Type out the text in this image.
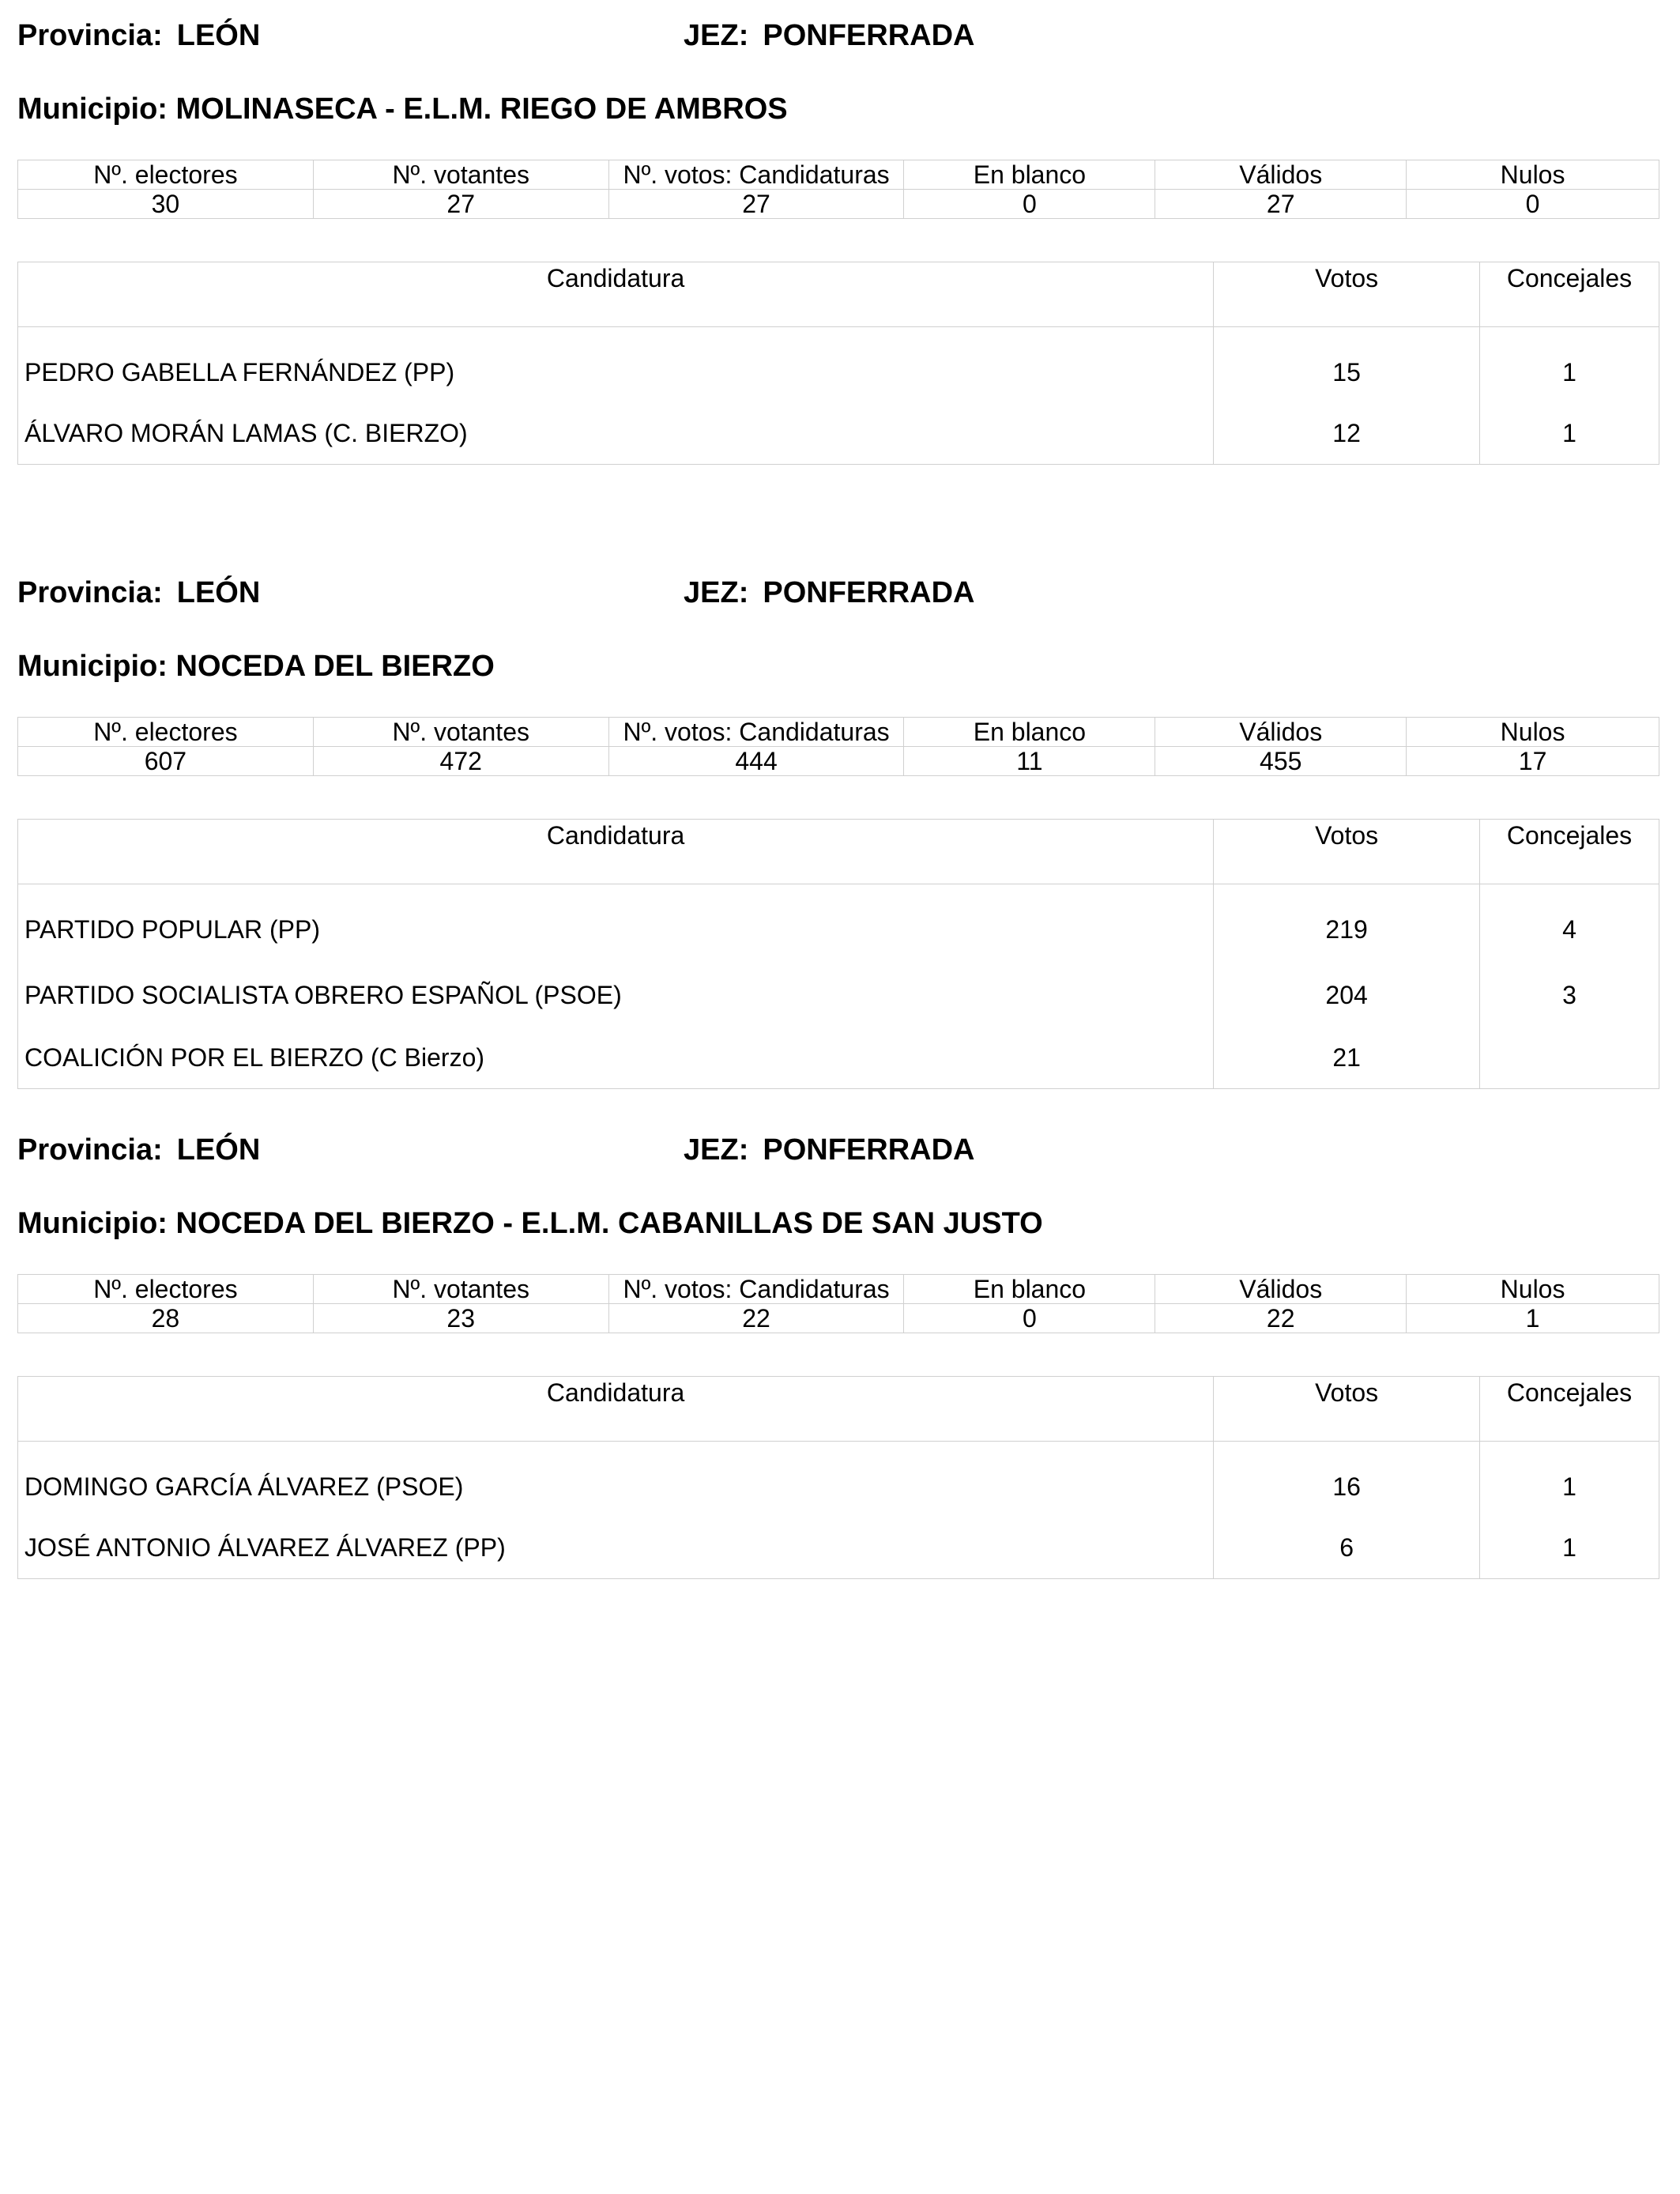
Provincia: LEÓN	JEZ: PONFERRADA
Municipio: MOLINASECA - E.L.M. RIEGO DE AMBROS
Nº. electores	Nº. votantes	Nº. votos: Candidaturas	En blanco	Válidos	Nulos
30	27	27	0	27	0
Candidatura	Votos	Concejales
PEDRO GABELLA FERNÁNDEZ (PP)	15	1
ÁLVARO MORÁN LAMAS (C. BIERZO)	12	1
Provincia: LEÓN	JEZ: PONFERRADA
Municipio: NOCEDA DEL BIERZO
Nº. electores	Nº. votantes	Nº. votos: Candidaturas	En blanco	Válidos	Nulos
607	472	444	11	455	17
Candidatura	Votos	Concejales
PARTIDO POPULAR (PP)	219	4
PARTIDO SOCIALISTA OBRERO ESPAÑOL (PSOE)	204	3
COALICIÓN POR EL BIERZO (C Bierzo)	21	
Provincia: LEÓN	JEZ: PONFERRADA
Municipio: NOCEDA DEL BIERZO - E.L.M. CABANILLAS DE SAN JUSTO
Nº. electores	Nº. votantes	Nº. votos: Candidaturas	En blanco	Válidos	Nulos
28	23	22	0	22	1
Candidatura	Votos	Concejales
DOMINGO GARCÍA ÁLVAREZ (PSOE)	16	1
JOSÉ ANTONIO ÁLVAREZ ÁLVAREZ (PP)	6	1
